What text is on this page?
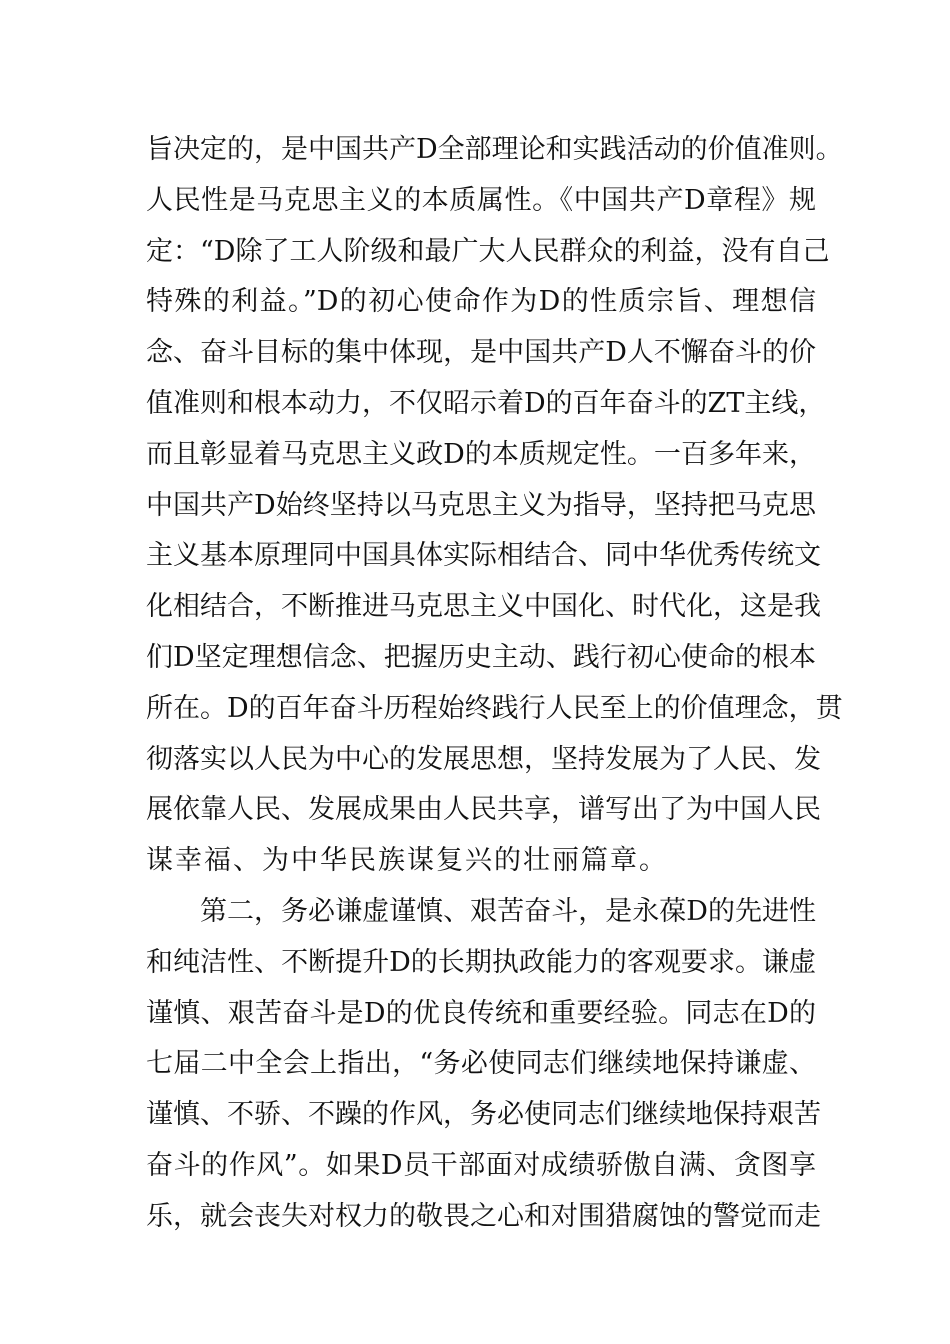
旨决定的，是中国共产D全部理论和实践活动的价值准则。
人民性是马克思主义的本质属性。《中国共产D章程》规
定：“D除了工人阶级和最广大人民群众的利益，没有自己
特殊的利益。”D的初心使命作为D的性质宗旨、理想信
念、奋斗目标的集中体现，是中国共产D人不懈奋斗的价
值准则和根本动力，不仅昭示着D的百年奋斗的ZT主线，
而且彰显着马克思主义政D的本质规定性。一百多年来，
中国共产D始终坚持以马克思主义为指导，坚持把马克思
主义基本原理同中国具体实际相结合、同中华优秀传统文
化相结合，不断推进马克思主义中国化、时代化，这是我
们D坚定理想信念、把握历史主动、践行初心使命的根本
所在。D的百年奋斗历程始终践行人民至上的价值理念，贯
彻落实以人民为中心的发展思想，坚持发展为了人民、发
展依靠人民、发展成果由人民共享，谱写出了为中国人民
谋幸福、为中华民族谋复兴的壮丽篇章。
第二，务必谦虚谨慎、艰苦奋斗，是永葆D的先进性
和纯洁性、不断提升D的长期执政能力的客观要求。谦虚
谨慎、艰苦奋斗是D的优良传统和重要经验。同志在D的
七届二中全会上指出，“务必使同志们继续地保持谦虚、
谨慎、不骄、不躁的作风，务必使同志们继续地保持艰苦
奋斗的作风”。如果D员干部面对成绩骄傲自满、贪图享
乐，就会丧失对权力的敬畏之心和对围猎腐蚀的警觉而走
